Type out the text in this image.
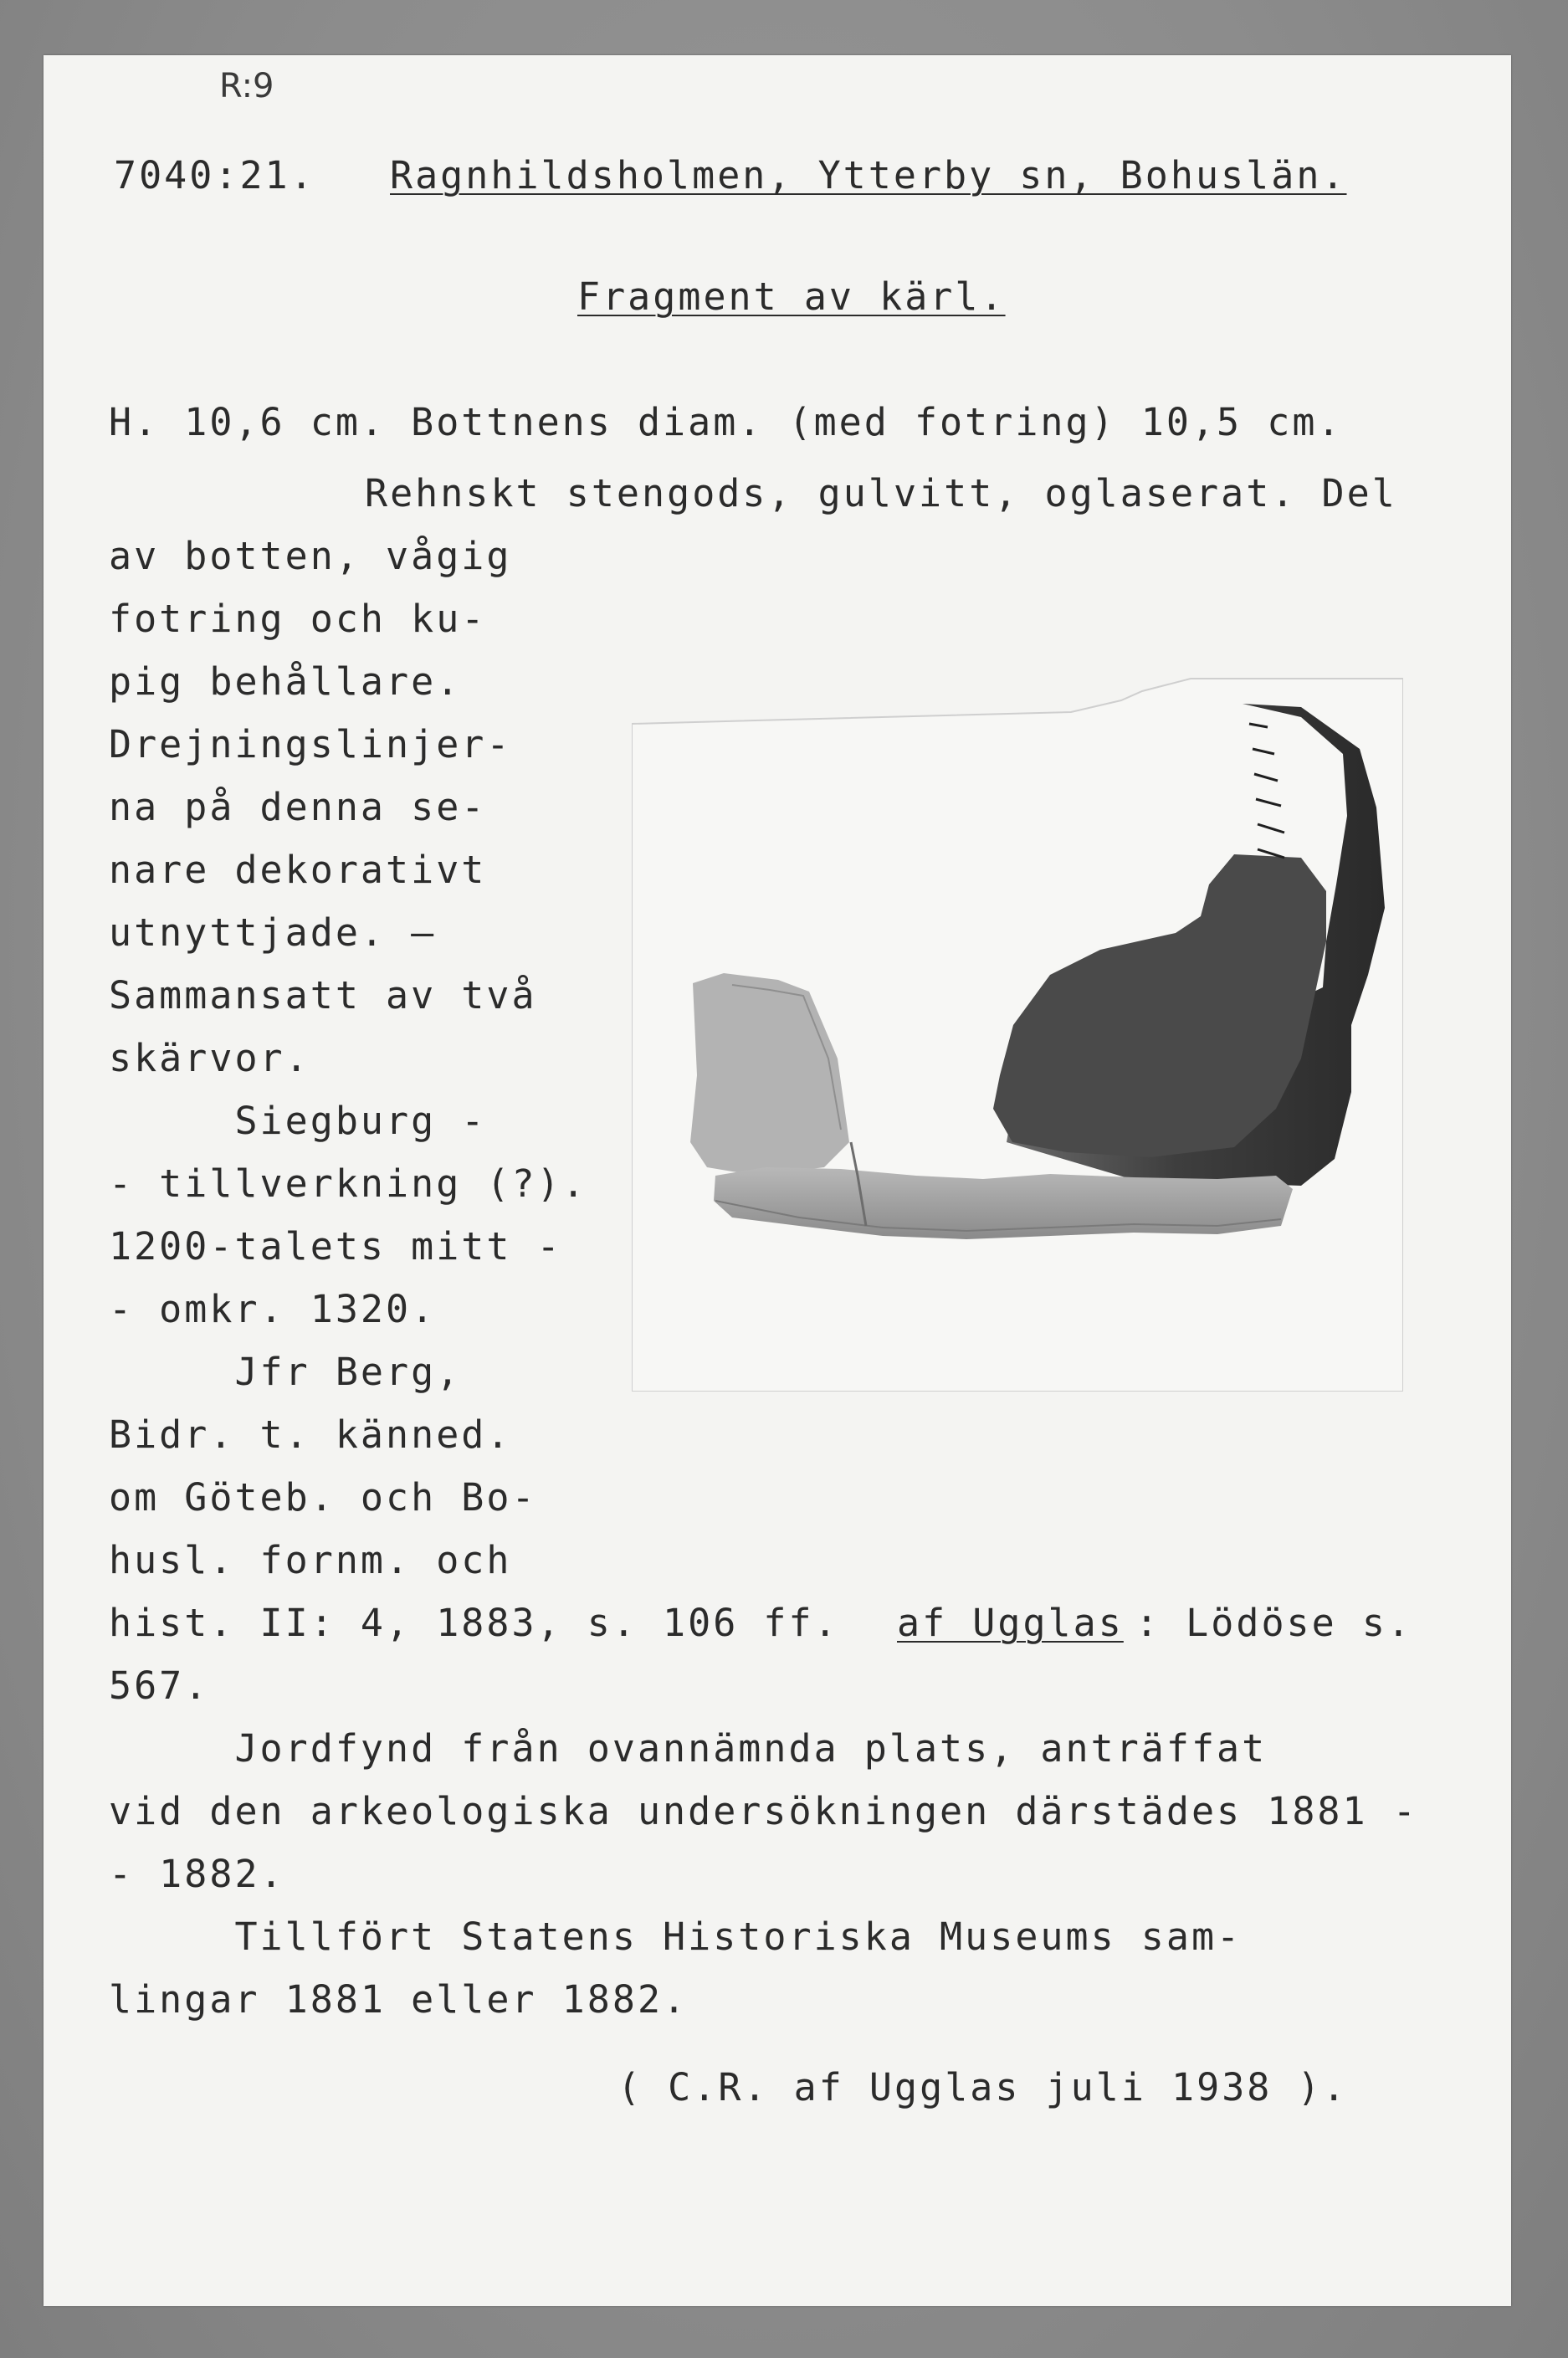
R:9
7040:21. Ragnhildsholmen, Ytterby sn, Bohuslän.
Fragment av kärl.
H. 10,6 cm. Bottnens diam. (med fotring) 10,5 cm.
Rehnskt stengods, gulvitt, oglaserat. Del
av botten, vågig
fotring och ku-
pig behållare.
Drejningslinjer-
na på denna se-
nare dekorativt
utnyttjade. —
Sammansatt av två
skärvor.
Siegburg -
- tillverkning (?).
1200-talets mitt -
- omkr. 1320.
Jfr Berg,
Bidr. t. känned.
om Göteb. och Bo-
husl. fornm. och
hist. II: 4, 1883, s. 106 ff. af Ugglas : Lödöse s.
567.
Jordfynd från ovannämnda plats, anträffat
vid den arkeologiska undersökningen därstädes 1881 -
- 1882.
Tillfört Statens Historiska Museums sam-
lingar 1881 eller 1882.
( C.R. af Ugglas juli 1938 ).
